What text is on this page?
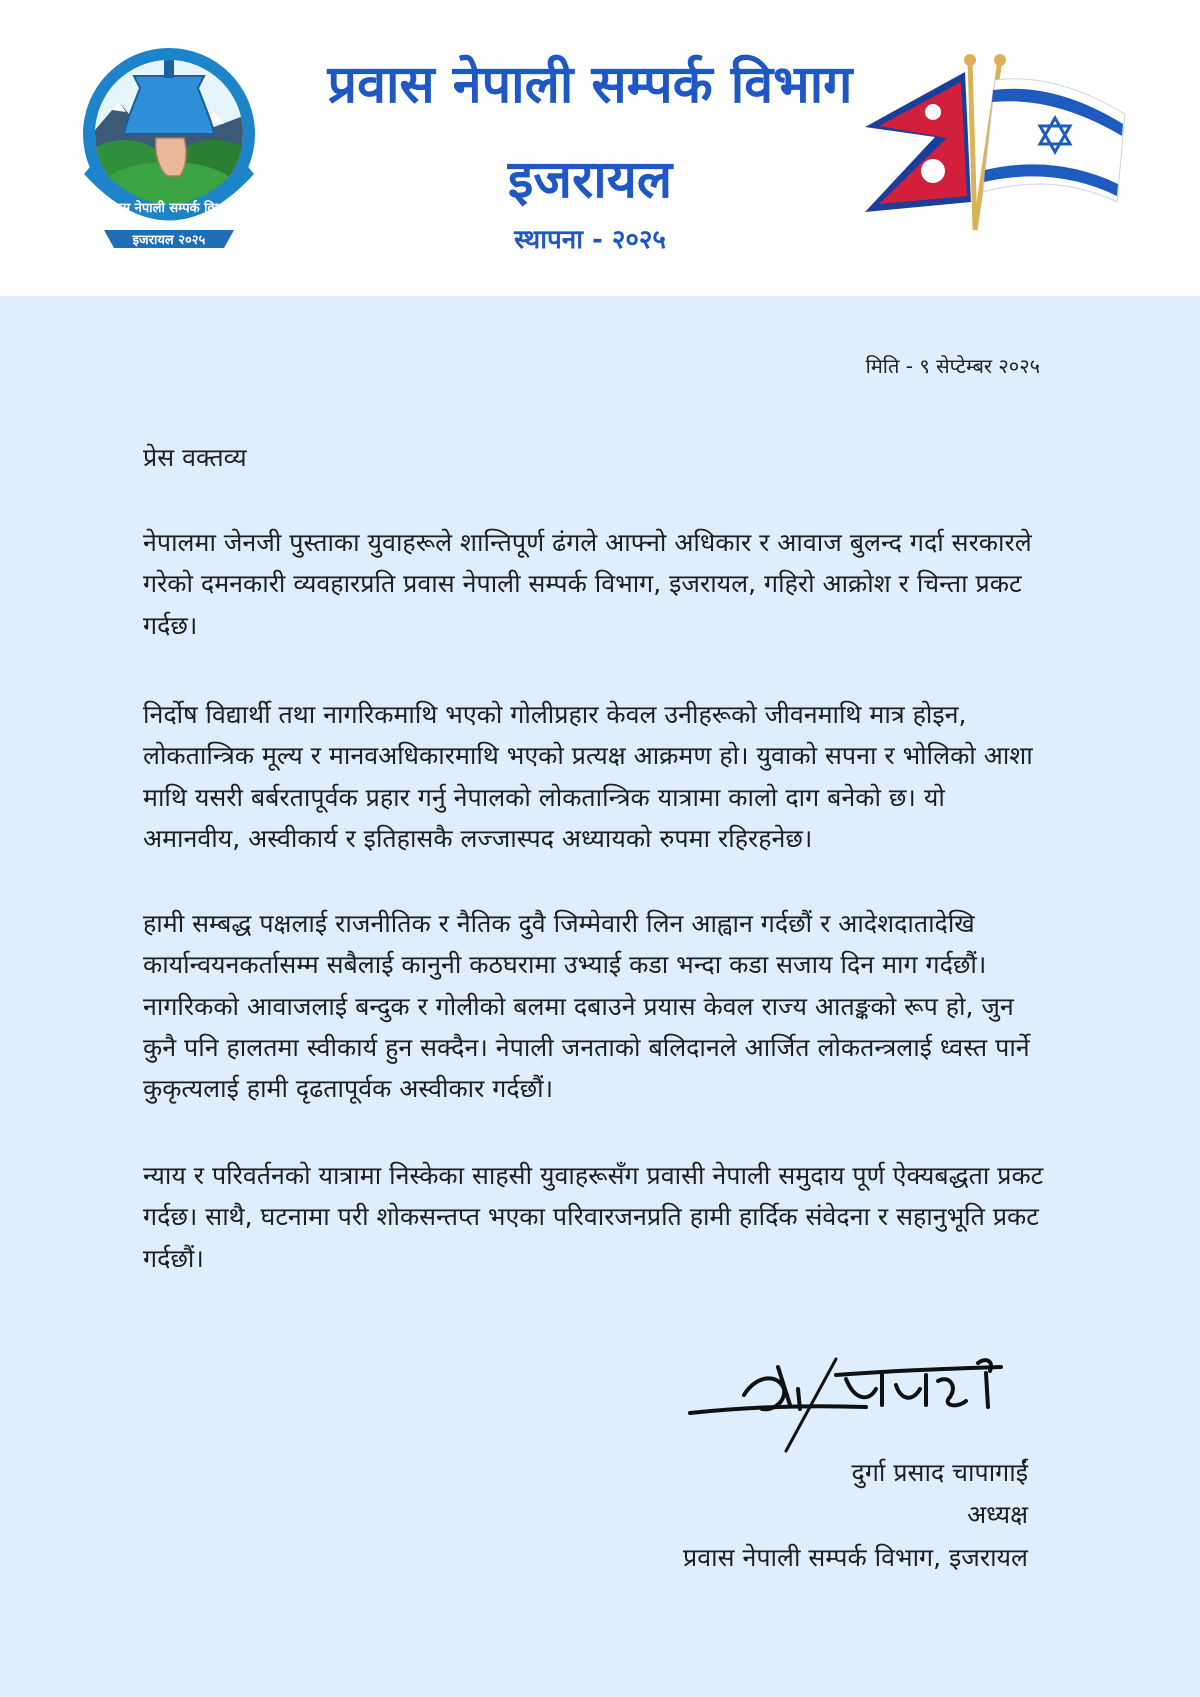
प्रवास नेपाली सम्पर्क विभाग
इजरायल २०२५
प्रवास नेपाली सम्पर्क विभाग
इजरायल
स्थापना - २०२५
मिति - ९ सेप्टेम्बर २०२५
प्रेस वक्तव्य

नेपालमा जेनजी पुस्ताका युवाहरूले शान्तिपूर्ण ढंगले आफ्नो अधिकार र आवाज बुलन्द गर्दा सरकारले गरेको दमनकारी व्यवहारप्रति प्रवास नेपाली सम्पर्क विभाग, इजरायल, गहिरो आक्रोश र चिन्ता प्रकट गर्दछ।

निर्दोष विद्यार्थी तथा नागरिकमाथि भएको गोलीप्रहार केवल उनीहरूको जीवनमाथि मात्र होइन, लोकतान्त्रिक मूल्य र मानवअधिकारमाथि भएको प्रत्यक्ष आक्रमण हो। युवाको सपना र भोलिको आशा माथि यसरी बर्बरतापूर्वक प्रहार गर्नु नेपालको लोकतान्त्रिक यात्रामा कालो दाग बनेको छ। यो अमानवीय, अस्वीकार्य र इतिहासकै लज्जास्पद अध्यायको रुपमा रहिरहनेछ।

हामी सम्बद्ध पक्षलाई राजनीतिक र नैतिक दुवै जिम्मेवारी लिन आह्वान गर्दछौं र आदेशदातादेखि कार्यान्वयनकर्तासम्म सबैलाई कानुनी कठघरामा उभ्याई कडा भन्दा कडा सजाय दिन माग गर्दछौं। नागरिकको आवाजलाई बन्दुक र गोलीको बलमा दबाउने प्रयास केवल राज्य आतङ्कको रूप हो, जुन कुनै पनि हालतमा स्वीकार्य हुन सक्दैन। नेपाली जनताको बलिदानले आर्जित लोकतन्त्रलाई ध्वस्त पार्ने कुकृत्यलाई हामी दृढतापूर्वक अस्वीकार गर्दछौं।

न्याय र परिवर्तनको यात्रामा निस्केका साहसी युवाहरूसँग प्रवासी नेपाली समुदाय पूर्ण ऐक्यबद्धता प्रकट गर्दछ। साथै, घटनामा परी शोकसन्तप्त भएका परिवारजनप्रति हामी हार्दिक संवेदना र सहानुभूति प्रकट गर्दछौं।

दुर्गा प्रसाद चापागाईं
अध्यक्ष
प्रवास नेपाली सम्पर्क विभाग, इजरायल
